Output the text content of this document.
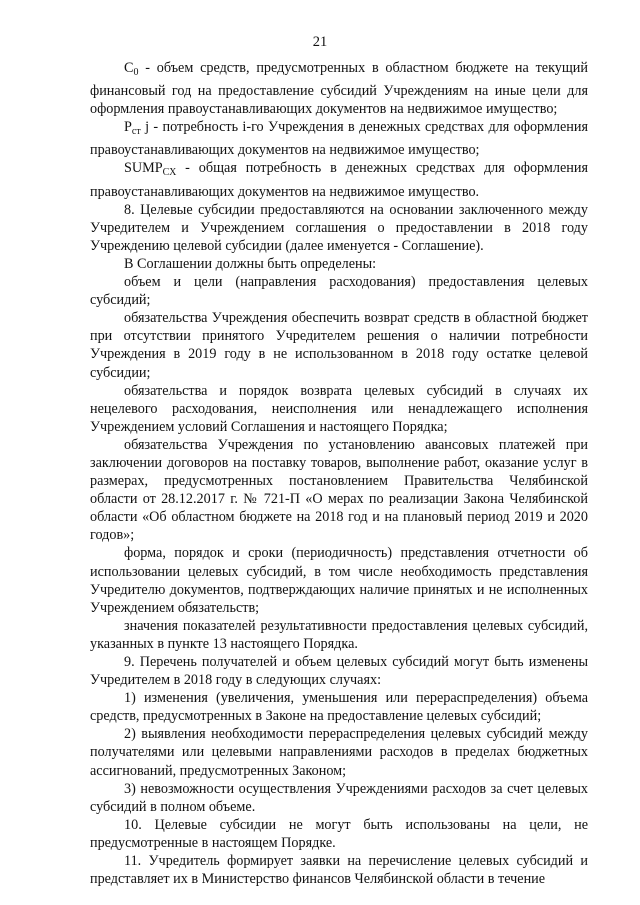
21

$С_0$ - объем средств, предусмотренных в областном бюджете на текущий финансовый год на предоставление субсидий Учреждениям на иные цели для оформления правоустанавливающих документов на недвижимое имущество;

$Р_{ст}$ j - потребность i-го Учреждения в денежных средствах для оформления правоустанавливающих документов на недвижимое имущество;

$SUMP_{СХ}$ - общая потребность в денежных средствах для оформления правоустанавливающих документов на недвижимое имущество.

8. Целевые субсидии предоставляются на основании заключенного между Учредителем и Учреждением соглашения о предоставлении в 2018 году Учреждению целевой субсидии (далее именуется - Соглашение).

В Соглашении должны быть определены:

объем и цели (направления расходования) предоставления целевых субсидий;

обязательства Учреждения обеспечить возврат средств в областной бюджет при отсутствии принятого Учредителем решения о наличии потребности Учреждения в 2019 году в не использованном в 2018 году остатке целевой субсидии;

обязательства и порядок возврата целевых субсидий в случаях их нецелевого расходования, неисполнения или ненадлежащего исполнения Учреждением условий Соглашения и настоящего Порядка;

обязательства Учреждения по установлению авансовых платежей при заключении договоров на поставку товаров, выполнение работ, оказание услуг в размерах, предусмотренных постановлением Правительства Челябинской области от 28.12.2017 г. № 721-П «О мерах по реализации Закона Челябинской области «Об областном бюджете на 2018 год и на плановый период 2019 и 2020 годов»;

форма, порядок и сроки (периодичность) представления отчетности об использовании целевых субсидий, в том числе необходимость представления Учредителю документов, подтверждающих наличие принятых и не исполненных Учреждением обязательств;

значения показателей результативности предоставления целевых субсидий, указанных в пункте 13 настоящего Порядка.

9. Перечень получателей и объем целевых субсидий могут быть изменены Учредителем в 2018 году в следующих случаях:

1) изменения (увеличения, уменьшения или перераспределения) объема средств, предусмотренных в Законе на предоставление целевых субсидий;

2) выявления необходимости перераспределения целевых субсидий между получателями или целевыми направлениями расходов в пределах бюджетных ассигнований, предусмотренных Законом;

3) невозможности осуществления Учреждениями расходов за счет целевых субсидий в полном объеме.

10. Целевые субсидии не могут быть использованы на цели, не предусмотренные в настоящем Порядке.

11. Учредитель формирует заявки на перечисление целевых субсидий и представляет их в Министерство финансов Челябинской области в течение
